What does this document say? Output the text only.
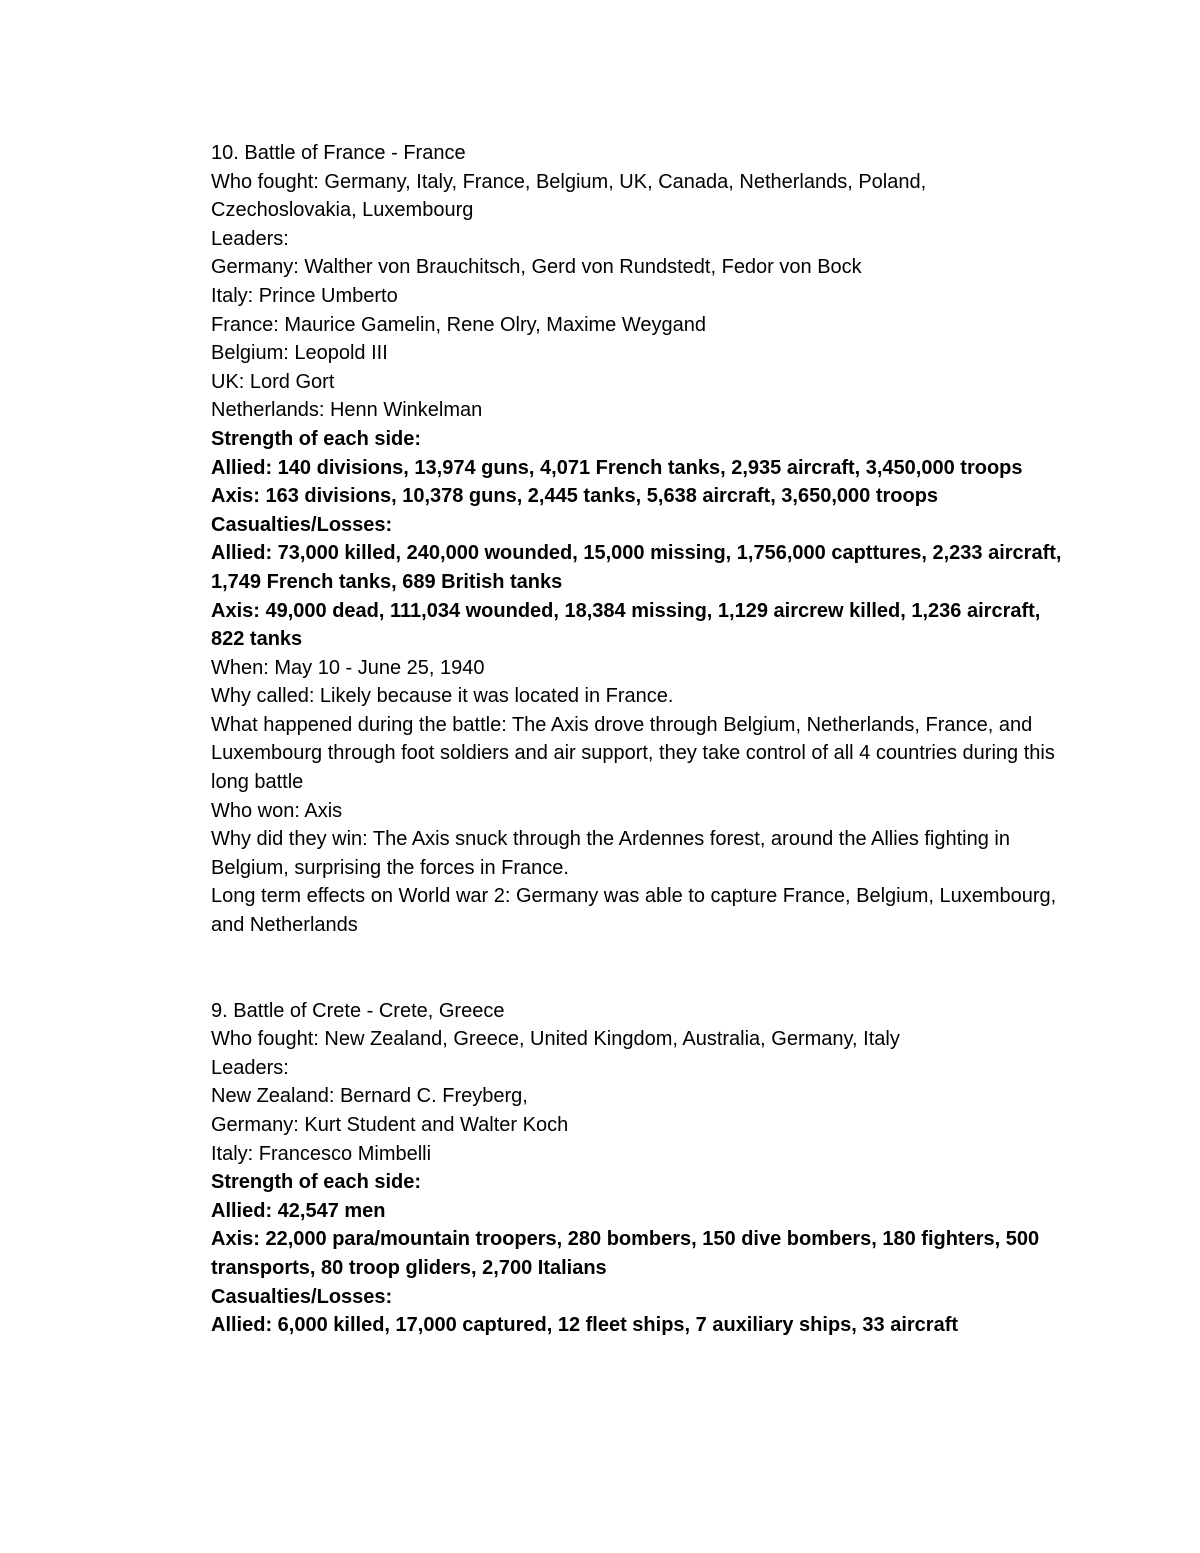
10. Battle of France - France

Who fought: Germany, Italy, France, Belgium, UK, Canada, Netherlands, Poland, Czechoslovakia, Luxembourg

Leaders:

Germany: Walther von Brauchitsch, Gerd von Rundstedt, Fedor von Bock

Italy: Prince Umberto

France: Maurice Gamelin, Rene Olry, Maxime Weygand

Belgium: Leopold III

UK: Lord Gort

Netherlands: Henn Winkelman

Strength of each side:

Allied: 140 divisions, 13,974 guns, 4,071 French tanks, 2,935 aircraft, 3,450,000 troops

Axis: 163 divisions, 10,378 guns, 2,445 tanks, 5,638 aircraft, 3,650,000 troops

Casualties/Losses:

Allied: 73,000 killed, 240,000 wounded, 15,000 missing, 1,756,000 capttures, 2,233 aircraft, 1,749 French tanks, 689 British tanks

Axis: 49,000 dead, 111,034 wounded, 18,384 missing, 1,129 aircrew killed, 1,236 aircraft, 822 tanks

When: May 10 - June 25, 1940

Why called: Likely because it was located in France.

What happened during the battle: The Axis drove through Belgium, Netherlands, France, and Luxembourg through foot soldiers and air support, they take control of all 4 countries during this long battle

Who won: Axis

Why did they win: The Axis snuck through the Ardennes forest, around the Allies fighting in Belgium, surprising the forces in France.

Long term effects on World war 2: Germany was able to capture France, Belgium, Luxembourg, and Netherlands

9. Battle of Crete - Crete, Greece

Who fought: New Zealand, Greece, United Kingdom, Australia, Germany, Italy

Leaders:

New Zealand: Bernard C. Freyberg,

Germany: Kurt Student and Walter Koch

Italy: Francesco Mimbelli

Strength of each side:

Allied: 42,547 men

Axis: 22,000 para/mountain troopers, 280 bombers, 150 dive bombers, 180 fighters, 500 transports, 80 troop gliders, 2,700 Italians

Casualties/Losses:

Allied: 6,000 killed, 17,000 captured, 12 fleet ships, 7 auxiliary ships, 33 aircraft
